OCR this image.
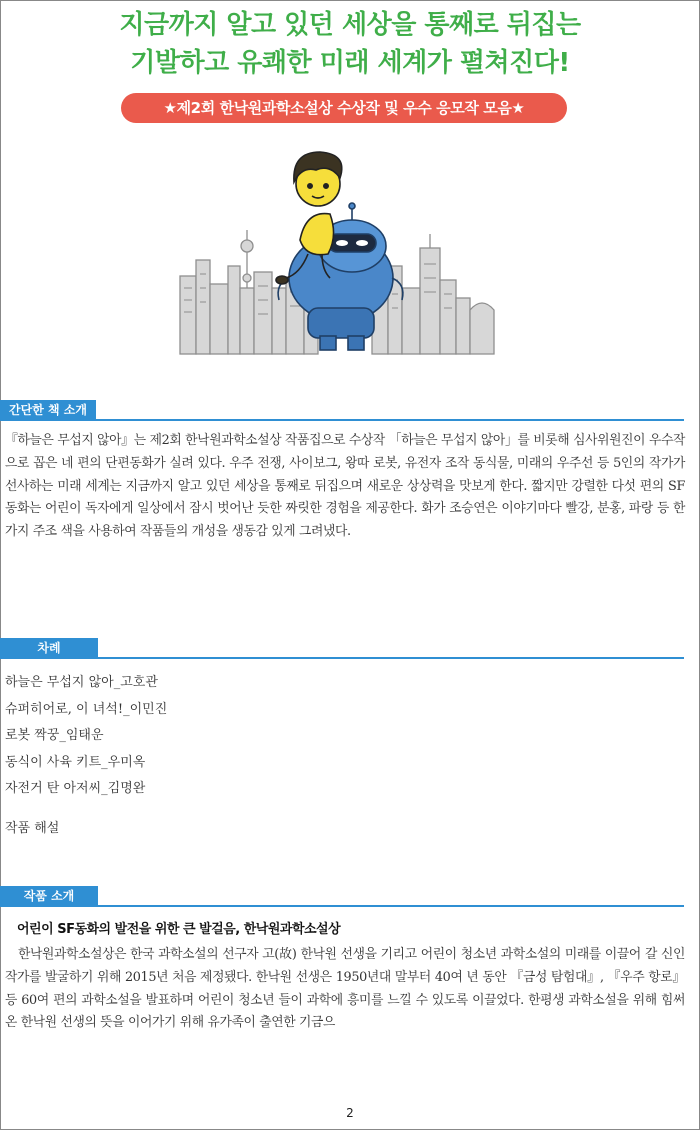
지금까지 알고 있던 세상을 통째로 뒤집는
기발하고 유쾌한 미래 세계가 펼쳐진다!
★제2회 한낙원과학소설상 수상작 및 우수 응모작 모음★
간단한 책 소개

『하늘은 무섭지 않아』는 제2회 한낙원과학소설상 작품집으로 수상작 「하늘은 무섭지 않아」를 비롯해 심사위원진이 우수작으로 꼽은 네 편의 단편동화가 실려 있다. 우주 전쟁, 사이보그, 왕따 로봇, 유전자 조작 동식물, 미래의 우주선 등 5인의 작가가 선사하는 미래 세계는 지금까지 알고 있던 세상을 통째로 뒤집으며 새로운 상상력을 맛보게 한다. 짧지만 강렬한 다섯 편의 SF동화는 어린이 독자에게 일상에서 잠시 벗어난 듯한 짜릿한 경험을 제공한다. 화가 조승연은 이야기마다 빨강, 분홍, 파랑 등 한 가지 주조 색을 사용하여 작품들의 개성을 생동감 있게 그려냈다.

차례
하늘은 무섭지 않아_고호관
슈퍼히어로, 이 녀석!_이민진
로봇 짝꿍_임태운
동식이 사육 키트_우미옥
자전거 탄 아저씨_김명완
작품 해설
작품 소개
어린이 SF동화의 발전을 위한 큰 발걸음, 한낙원과학소설상

한낙원과학소설상은 한국 과학소설의 선구자 고(故) 한낙원 선생을 기리고 어린이 청소년 과학소설의 미래를 이끌어 갈 신인 작가를 발굴하기 위해 2015년 처음 제정됐다. 한낙원 선생은 1950년대 말부터 40여 년 동안 『금성 탐험대』, 『우주 항로』 등 60여 편의 과학소설을 발표하며 어린이 청소년 들이 과학에 흥미를 느낄 수 있도록 이끌었다. 한평생 과학소설을 위해 힘써 온 한낙원 선생의 뜻을 이어가기 위해 유가족이 출연한 기금으

2
